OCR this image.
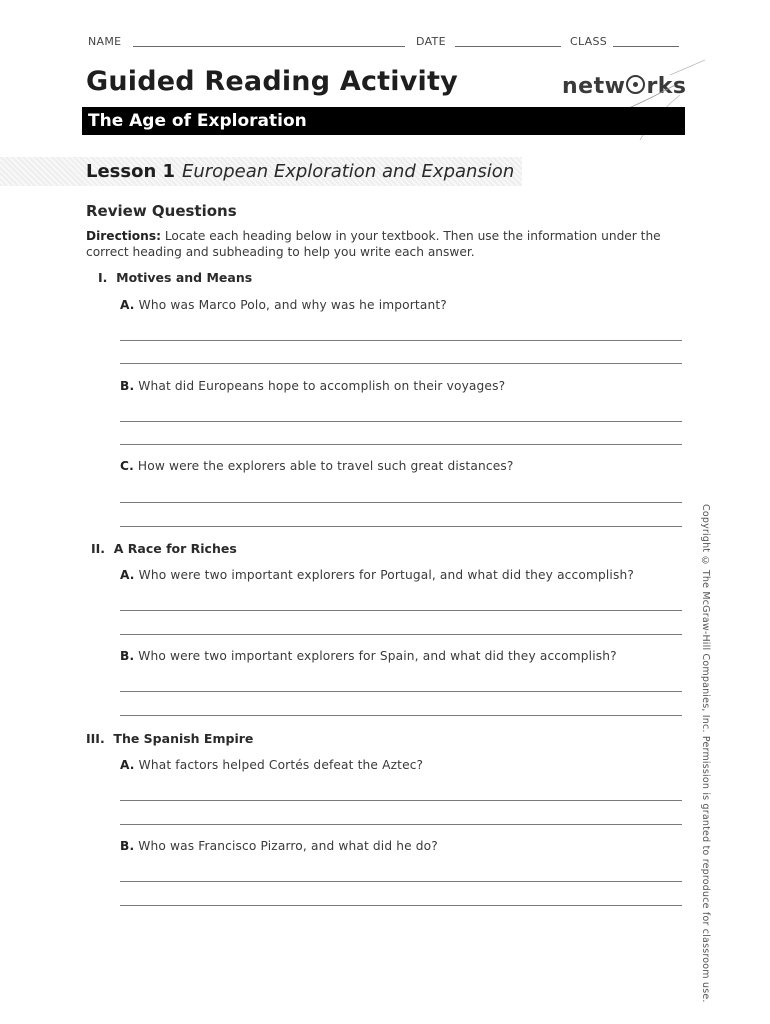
NAME	DATE	CLASS
Guided Reading Activity	netw rks
The Age of Exploration
Lesson 1 European Exploration and Expansion
Review Questions
Directions: Locate each heading below in your textbook. Then use the information under the correct heading and subheading to help you write each answer.
I. Motives and Means
A. Who was Marco Polo, and why was he important?
B. What did Europeans hope to accomplish on their voyages?
C. How were the explorers able to travel such great distances?
II. A Race for Riches
A. Who were two important explorers for Portugal, and what did they accomplish?
B. Who were two important explorers for Spain, and what did they accomplish?
III. The Spanish Empire
A. What factors helped Cortés defeat the Aztec?
B. Who was Francisco Pizarro, and what did he do?	Copyright © The McGraw-Hill Companies, Inc. Permission is granted to reproduce for classroom use.
